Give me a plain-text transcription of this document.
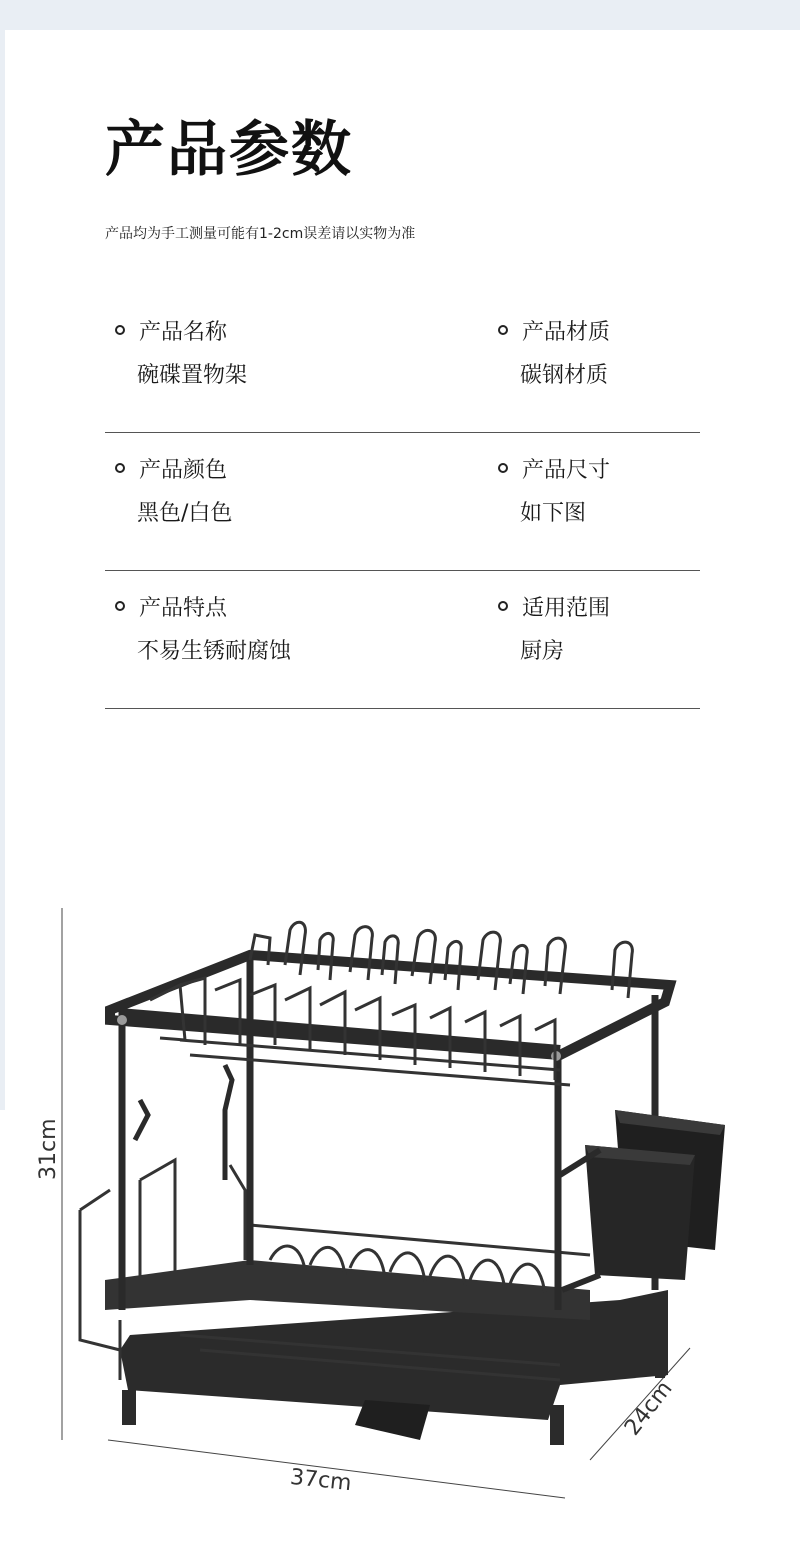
产品参数
产品均为手工测量可能有1-2cm误差请以实物为准
产品名称
碗碟置物架
产品材质
碳钢材质
产品颜色
黑色/白色
产品尺寸
如下图
产品特点
不易生锈耐腐蚀
适用范围
厨房
31cm
37cm
24cm
